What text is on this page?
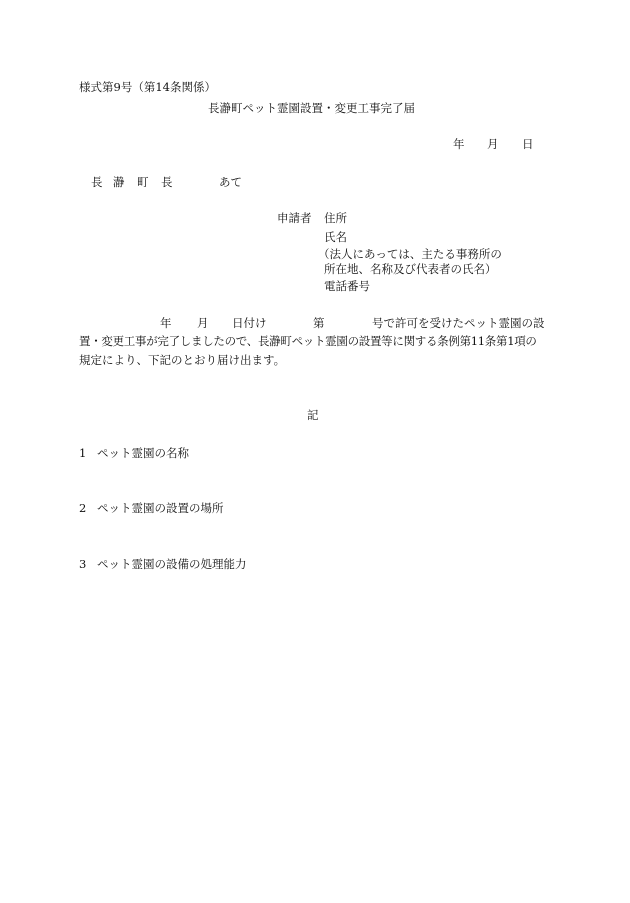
様式第9号（第14条関係）
長瀞町ペット霊園設置・変更工事完了届
年 月 日
長 瀞 町 長	あて
申請者 住所
氏名
（法人にあっては、主たる事務所の
所在地、名称及び代表者の氏名）
電話番号
年 月 日付け	第	号で許可を受けたペット霊園の設
置・変更工事が完了しましたので、長瀞町ペット霊園の設置等に関する条例第11条第1項の
規定により、下記のとおり届け出ます。
記
1 ペット霊園の名称
2 ペット霊園の設置の場所
3 ペット霊園の設備の処理能力
